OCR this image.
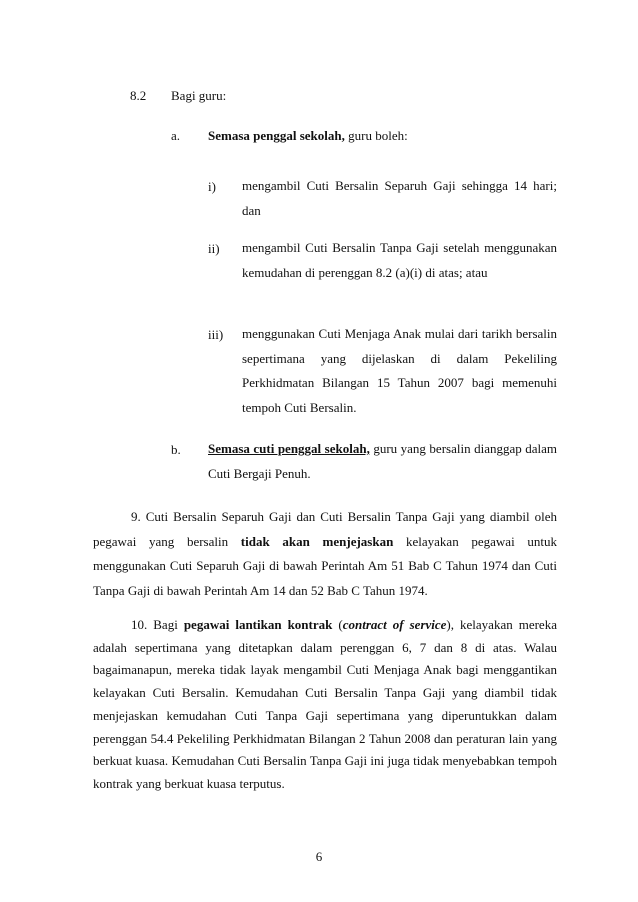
8.2 Bagi guru:

a. Semasa penggal sekolah, guru boleh:

i) mengambil Cuti Bersalin Separuh Gaji sehingga 14 hari; dan

ii) mengambil Cuti Bersalin Tanpa Gaji setelah menggunakan kemudahan di perenggan 8.2 (a)(i) di atas; atau

iii) menggunakan Cuti Menjaga Anak mulai dari tarikh bersalin sepertimana yang dijelaskan di dalam Pekeliling Perkhidmatan Bilangan 15 Tahun 2007 bagi memenuhi tempoh Cuti Bersalin.

b. Semasa cuti penggal sekolah, guru yang bersalin dianggap dalam Cuti Bergaji Penuh.

9. Cuti Bersalin Separuh Gaji dan Cuti Bersalin Tanpa Gaji yang diambil oleh pegawai yang bersalin tidak akan menjejaskan kelayakan pegawai untuk menggunakan Cuti Separuh Gaji di bawah Perintah Am 51 Bab C Tahun 1974 dan Cuti Tanpa Gaji di bawah Perintah Am 14 dan 52 Bab C Tahun 1974.

10. Bagi pegawai lantikan kontrak (contract of service), kelayakan mereka adalah sepertimana yang ditetapkan dalam perenggan 6, 7 dan 8 di atas. Walau bagaimanapun, mereka tidak layak mengambil Cuti Menjaga Anak bagi menggantikan kelayakan Cuti Bersalin. Kemudahan Cuti Bersalin Tanpa Gaji yang diambil tidak menjejaskan kemudahan Cuti Tanpa Gaji sepertimana yang diperuntukkan dalam perenggan 54.4 Pekeliling Perkhidmatan Bilangan 2 Tahun 2008 dan peraturan lain yang berkuat kuasa. Kemudahan Cuti Bersalin Tanpa Gaji ini juga tidak menyebabkan tempoh kontrak yang berkuat kuasa terputus.

6
